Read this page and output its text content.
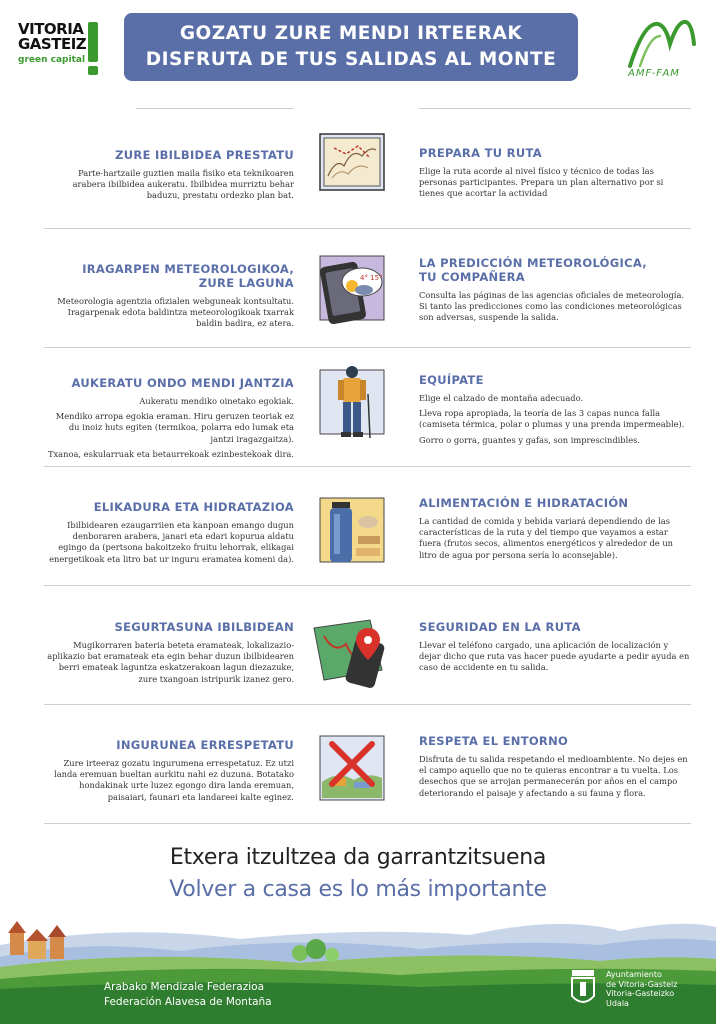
VITORIA
GASTEIZ
green capital
GOZATU ZURE MENDI IRTEERAK
DISFRUTA DE TUS SALIDAS AL MONTE
AMF-FAM
ZURE IBILBIDEA PRESTATU

Parte-hartzaile guztien maila fisiko eta teknikoaren arabera ibilbidea aukeratu. Ibilbidea murriztu behar baduzu, prestatu ordezko plan bat.

PREPARA TU RUTA

Elige la ruta acorde al nivel físico y técnico de todas las personas participantes. Prepara un plan alternativo por si tienes que acortar la actividad

IRAGARPEN METEOROLOGIKOA,
ZURE LAGUNA

Meteorologia agentzia ofizialen webguneak kontsultatu. Iragarpenak edota baldintza meteorologikoak txarrak baldin badira, ez atera.

4° 15°
LA PREDICCIÓN METEOROLÓGICA,
TU COMPAÑERA

Consulta las páginas de las agencias oficiales de meteorología. Si tanto las predicciones como las condiciones meteorológicas son adversas, suspende la salida.

AUKERATU ONDO MENDI JANTZIA

Aukeratu mendiko oinetako egokiak.

Mendiko arropa egokia eraman. Hiru geruzen teoriak ez du inoiz huts egiten (termikoa, polarra edo lumak eta jantzi iragazgaitza).

Txanoa, eskularruak eta betaurrekoak ezinbestekoak dira.

EQUÍPATE

Elige el calzado de montaña adecuado.

Lleva ropa apropiada, la teoría de las 3 capas nunca falla (camiseta térmica, polar o plumas y una prenda impermeable).

Gorro o gorra, guantes y gafas, son imprescindibles.

ELIKADURA ETA HIDRATAZIOA

Ibilbidearen ezaugarriien eta kanpoan emango dugun denboraren arabera, janari eta edari kopurua aldatu egingo da (pertsona bakoitzeko fruitu lehorrak, elikagai energetikoak eta litro bat ur inguru eramatea komeni da).

ALIMENTACIÓN E HIDRATACIÓN

La cantidad de comida y bebida variará dependiendo de las características de la ruta y del tiempo que vayamos a estar fuera (frutos secos, alimentos energéticos y alrededor de un litro de agua por persona sería lo aconsejable).

SEGURTASUNA IBILBIDEAN

Mugikorraren bateria beteta eramateak, lokalizazio-aplikazio bat eramateak eta egin behar duzun ibilbidearen berri emateak laguntza eskatzerakoan lagun diezazuke, zure txangoan istripurik izanez gero.

SEGURIDAD EN LA RUTA

Llevar el teléfono cargado, una aplicación de localización y dejar dicho que ruta vas hacer puede ayudarte a pedir ayuda en caso de accidente en tu salida.

INGURUNEA ERRESPETATU

Zure irteeraz gozatu ingurumena errespetatuz. Ez utzi landa eremuan bueltan aurkitu nahi ez duzuna. Botatako hondakinak urte luzez egongo dira landa eremuan, paisaiari, faunari eta landareei kalte eginez.

RESPETA EL ENTORNO

Disfruta de tu salida respetando el medioambiente. No dejes en el campo aquello que no te quieras encontrar a tu vuelta. Los desechos que se arrojan permanecerán por años en el campo deteriorando el paisaje y afectando a su fauna y flora.

Etxera itzultzea da garrantzitsuena
Volver a casa es lo más importante
Arabako Mendizale Federazioa
Federación Alavesa de Montaña
Ayuntamiento
de Vitoria-Gasteiz
Vitoria-Gasteizko
Udala
